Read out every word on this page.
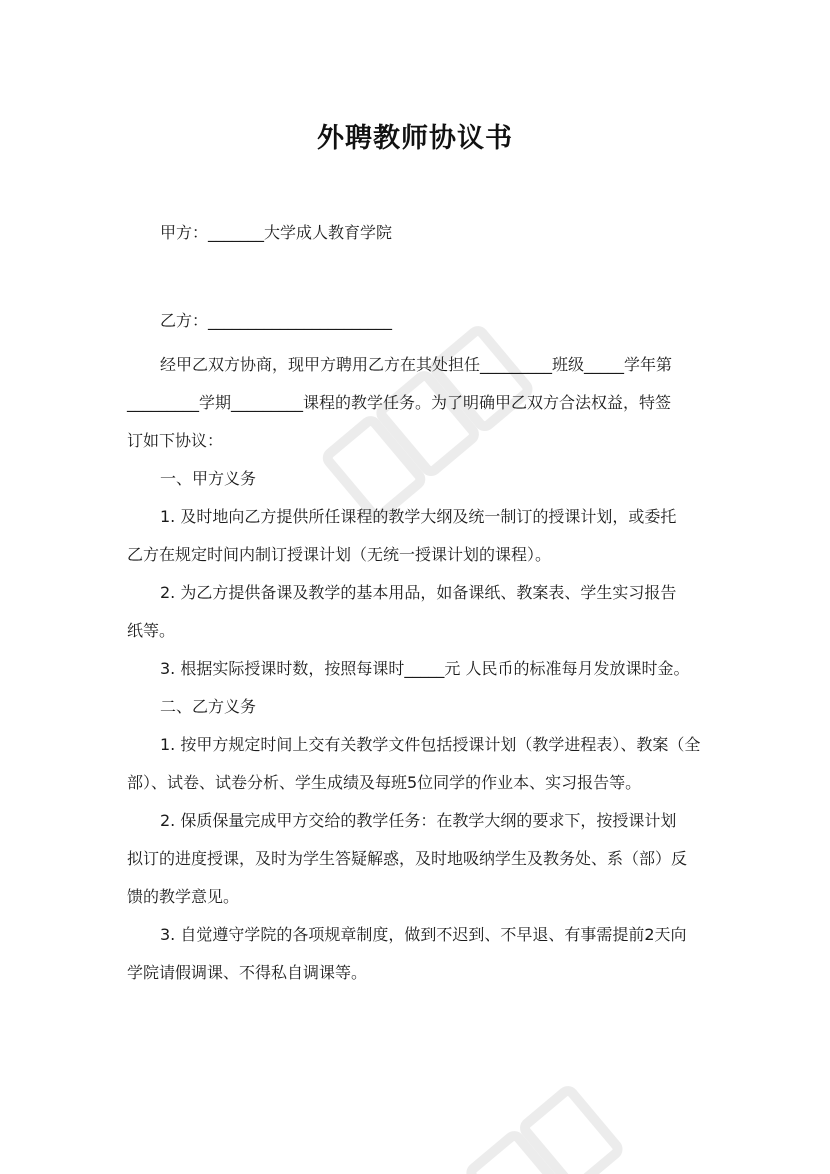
外聘教师协议书

甲方：_______大学成人教育学院

乙方：_______________________

经甲乙双方协商，现甲方聘用乙方在其处担任_________班级_____学年第

_________学期_________课程的教学任务。为了明确甲乙双方合法权益，特签

订如下协议：

一、甲方义务

1. 及时地向乙方提供所任课程的教学大纲及统一制订的授课计划，或委托

乙方在规定时间内制订授课计划（无统一授课计划的课程）。

2. 为乙方提供备课及教学的基本用品，如备课纸、教案表、学生实习报告

纸等。

3. 根据实际授课时数，按照每课时_____元 人民币的标准每月发放课时金。

二、乙方义务

1. 按甲方规定时间上交有关教学文件包括授课计划（教学进程表）、教案（全

部）、试卷、试卷分析、学生成绩及每班5位同学的作业本、实习报告等。

2. 保质保量完成甲方交给的教学任务：在教学大纲的要求下，按授课计划

拟订的进度授课，及时为学生答疑解惑，及时地吸纳学生及教务处、系（部）反

馈的教学意见。

3. 自觉遵守学院的各项规章制度，做到不迟到、不早退、有事需提前2天向

学院请假调课、不得私自调课等。
